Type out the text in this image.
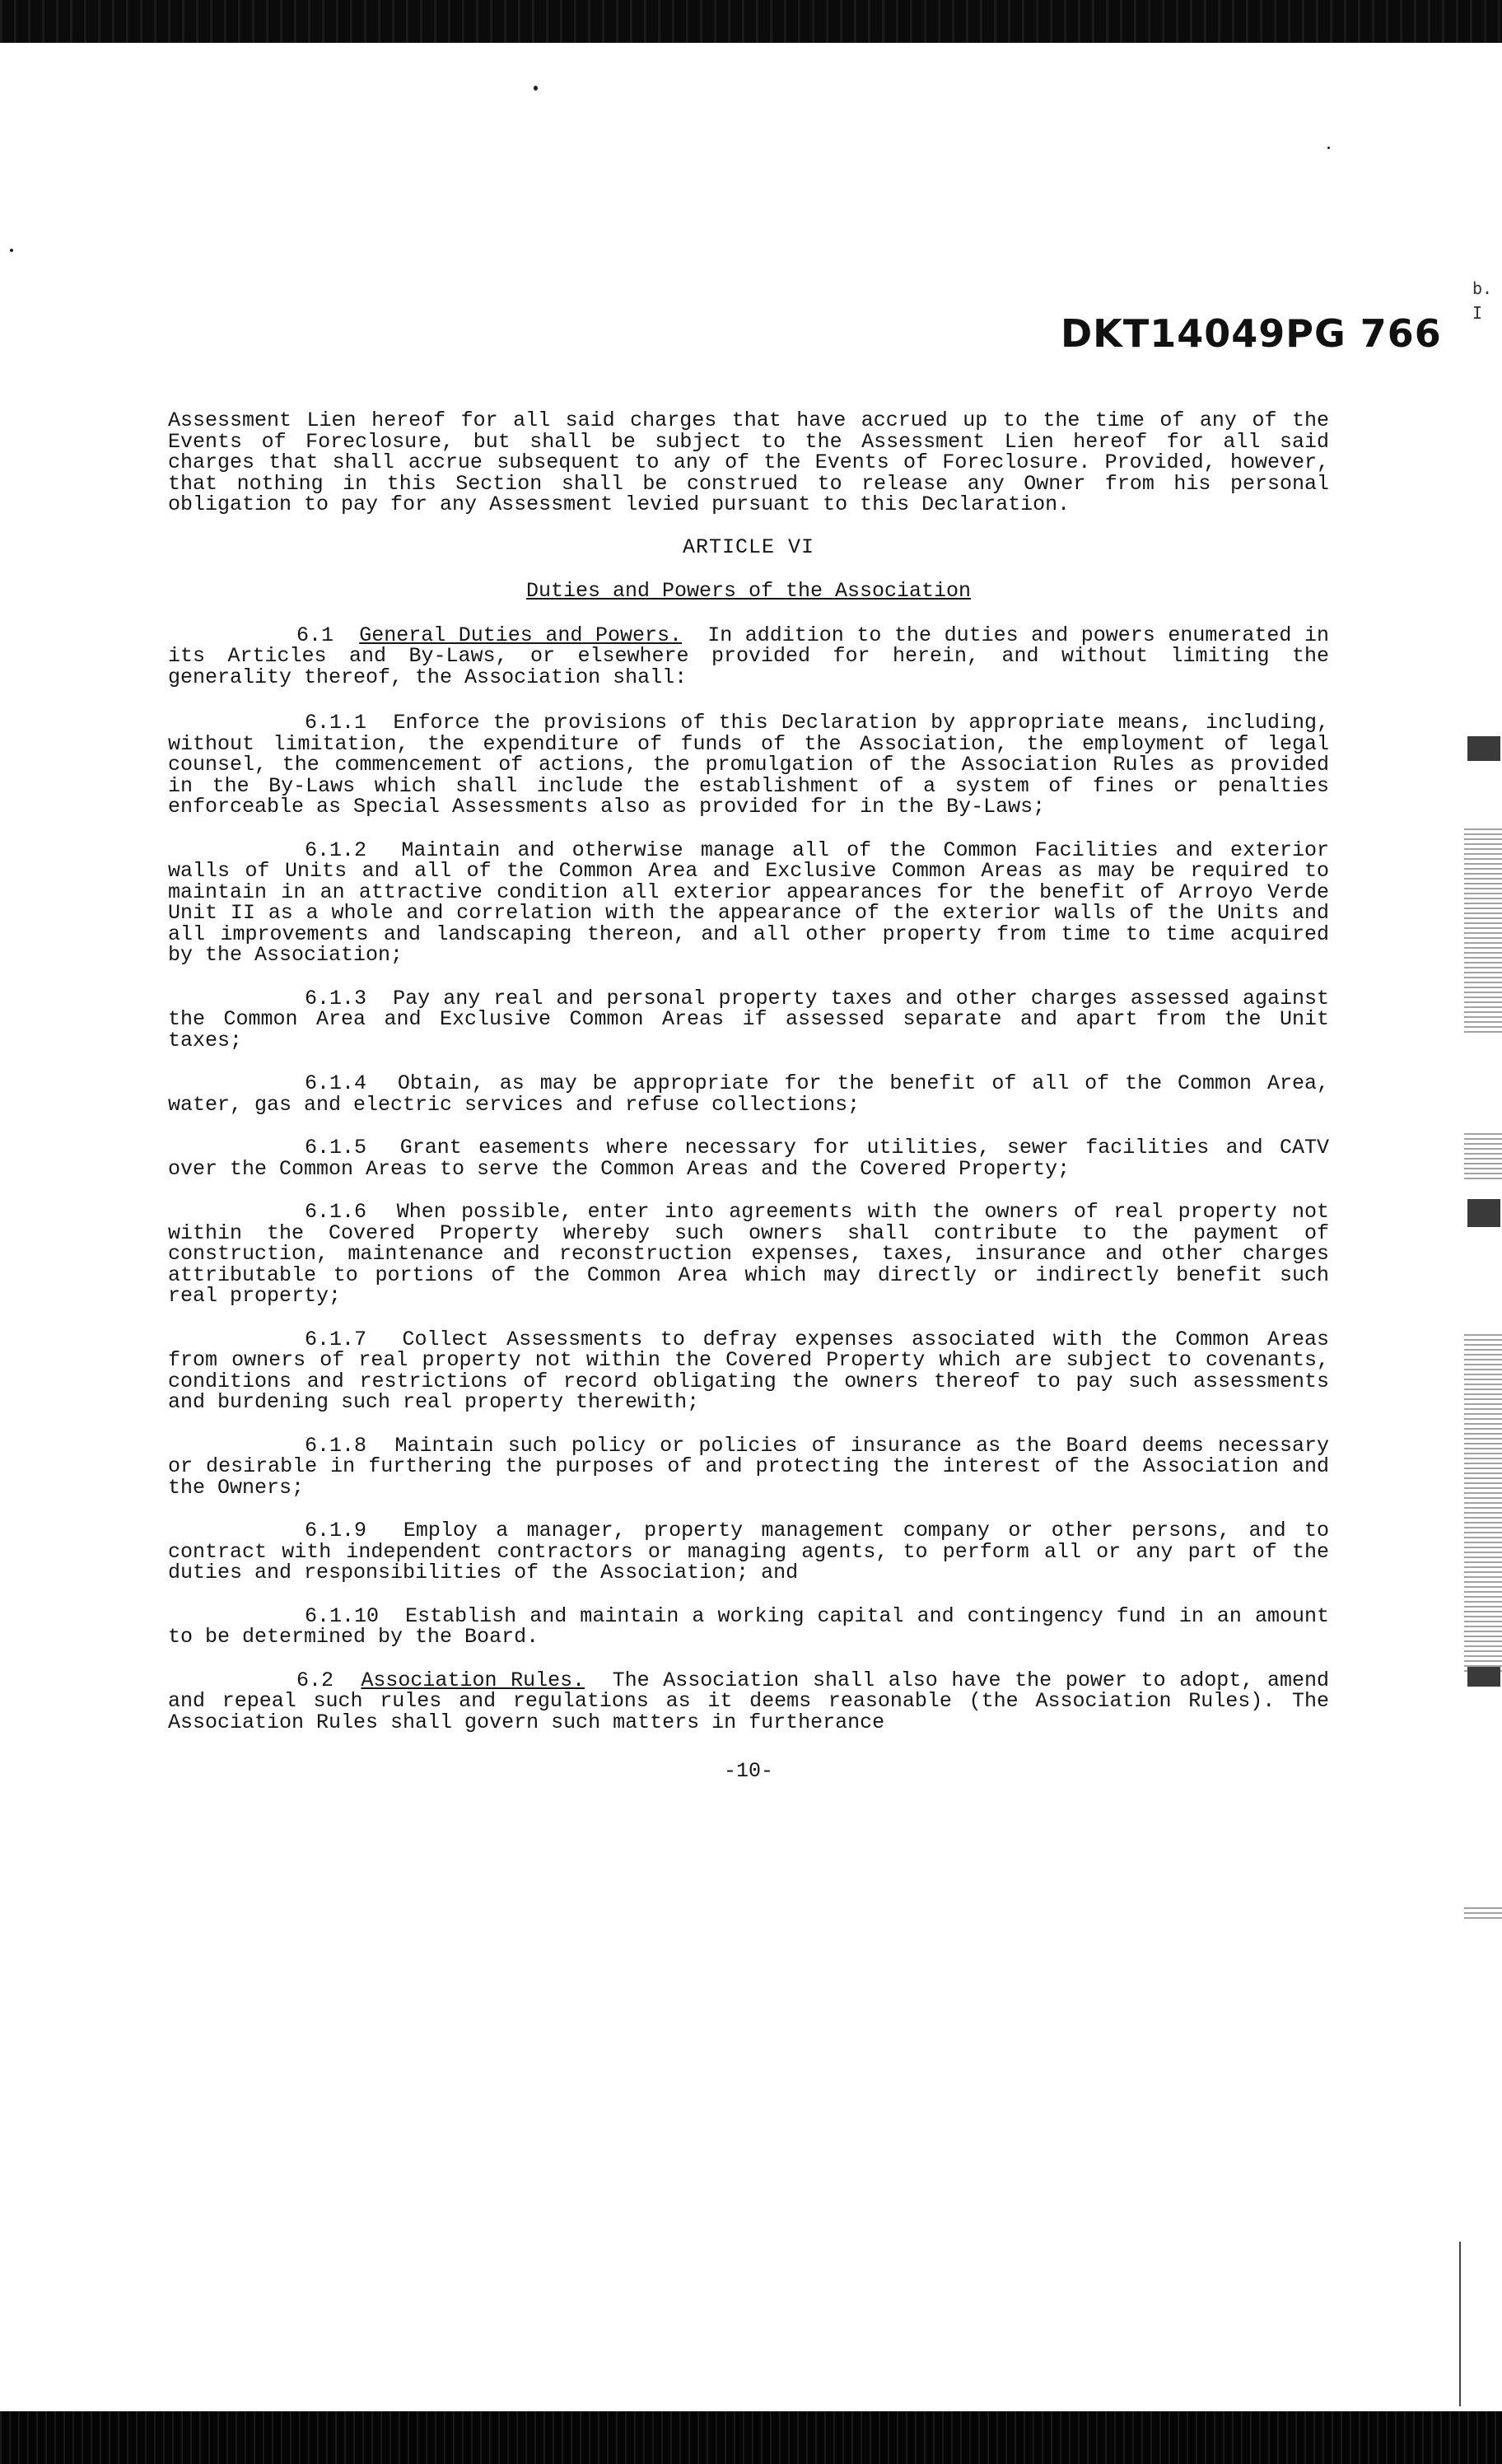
DKT14049PG 766
b.
I

Assessment Lien hereof for all said charges that have accrued up to the time of any of the Events of Foreclosure, but shall be subject to the Assessment Lien hereof for all said charges that shall accrue subsequent to any of the Events of Foreclosure. Provided, however, that nothing in this Section shall be construed to release any Owner from his personal obligation to pay for any Assessment levied pursuant to this Declaration.

ARTICLE VI

Duties and Powers of the Association

6.1 General Duties and Powers. In addition to the duties and powers enumerated in its Articles and By-Laws, or elsewhere provided for herein, and without limiting the generality thereof, the Association shall:

6.1.1 Enforce the provisions of this Declaration by appropriate means, including, without limitation, the expenditure of funds of the Association, the employment of legal counsel, the commencement of actions, the promulgation of the Association Rules as provided in the By-Laws which shall include the establishment of a system of fines or penalties enforceable as Special Assessments also as provided for in the By-Laws;

6.1.2 Maintain and otherwise manage all of the Common Facilities and exterior walls of Units and all of the Common Area and Exclusive Common Areas as may be required to maintain in an attractive condition all exterior appearances for the benefit of Arroyo Verde Unit II as a whole and correlation with the appearance of the exterior walls of the Units and all improvements and landscaping thereon, and all other property from time to time acquired by the Association;

6.1.3 Pay any real and personal property taxes and other charges assessed against the Common Area and Exclusive Common Areas if assessed separate and apart from the Unit taxes;

6.1.4 Obtain, as may be appropriate for the benefit of all of the Common Area, water, gas and electric services and refuse collections;

6.1.5 Grant easements where necessary for utilities, sewer facilities and CATV over the Common Areas to serve the Common Areas and the Covered Property;

6.1.6 When possible, enter into agreements with the owners of real property not within the Covered Property whereby such owners shall contribute to the payment of construction, maintenance and reconstruction expenses, taxes, insurance and other charges attributable to portions of the Common Area which may directly or indirectly benefit such real property;

6.1.7 Collect Assessments to defray expenses associated with the Common Areas from owners of real property not within the Covered Property which are subject to covenants, conditions and restrictions of record obligating the owners thereof to pay such assessments and burdening such real property therewith;

6.1.8 Maintain such policy or policies of insurance as the Board deems necessary or desirable in furthering the purposes of and protecting the interest of the Association and the Owners;

6.1.9 Employ a manager, property management company or other persons, and to contract with independent contractors or managing agents, to perform all or any part of the duties and responsibilities of the Association; and

6.1.10 Establish and maintain a working capital and contingency fund in an amount to be determined by the Board.

6.2 Association Rules. The Association shall also have the power to adopt, amend and repeal such rules and regulations as it deems reasonable (the Association Rules). The Association Rules shall govern such matters in furtherance

-10-
